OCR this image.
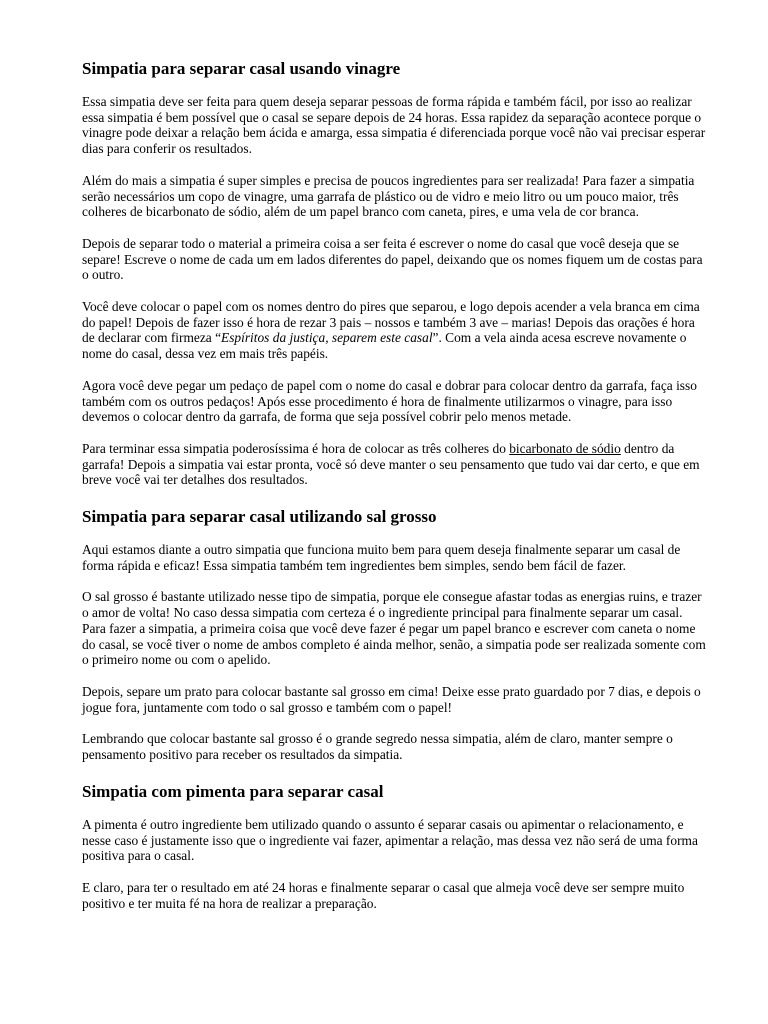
Simpatia para separar casal usando vinagre

Essa simpatia deve ser feita para quem deseja separar pessoas de forma rápida e também fácil, por isso ao realizar essa simpatia é bem possível que o casal se separe depois de 24 horas. Essa rapidez da separação acontece porque o vinagre pode deixar a relação bem ácida e amarga, essa simpatia é diferenciada porque você não vai precisar esperar dias para conferir os resultados.

Além do mais a simpatia é super simples e precisa de poucos ingredientes para ser realizada! Para fazer a simpatia serão necessários um copo de vinagre, uma garrafa de plástico ou de vidro e meio litro ou um pouco maior, três colheres de bicarbonato de sódio, além de um papel branco com caneta, pires, e uma vela de cor branca.

Depois de separar todo o material a primeira coisa a ser feita é escrever o nome do casal que você deseja que se separe! Escreve o nome de cada um em lados diferentes do papel, deixando que os nomes fiquem um de costas para o outro.

Você deve colocar o papel com os nomes dentro do pires que separou, e logo depois acender a vela branca em cima do papel! Depois de fazer isso é hora de rezar 3 pais – nossos e também 3 ave – marias! Depois das orações é hora de declarar com firmeza “Espíritos da justiça, separem este casal”. Com a vela ainda acesa escreve novamente o nome do casal, dessa vez em mais três papéis.

Agora você deve pegar um pedaço de papel com o nome do casal e dobrar para colocar dentro da garrafa, faça isso também com os outros pedaços! Após esse procedimento é hora de finalmente utilizarmos o vinagre, para isso devemos o colocar dentro da garrafa, de forma que seja possível cobrir pelo menos metade.

Para terminar essa simpatia poderosíssima é hora de colocar as três colheres do bicarbonato de sódio dentro da garrafa! Depois a simpatia vai estar pronta, você só deve manter o seu pensamento que tudo vai dar certo, e que em breve você vai ter detalhes dos resultados.

Simpatia para separar casal utilizando sal grosso

Aqui estamos diante a outro simpatia que funciona muito bem para quem deseja finalmente separar um casal de forma rápida e eficaz! Essa simpatia também tem ingredientes bem simples, sendo bem fácil de fazer.

O sal grosso é bastante utilizado nesse tipo de simpatia, porque ele consegue afastar todas as energias ruins, e trazer o amor de volta! No caso dessa simpatia com certeza é o ingrediente principal para finalmente separar um casal.

Para fazer a simpatia, a primeira coisa que você deve fazer é pegar um papel branco e escrever com caneta o nome do casal, se você tiver o nome de ambos completo é ainda melhor, senão, a simpatia pode ser realizada somente com o primeiro nome ou com o apelido.

Depois, separe um prato para colocar bastante sal grosso em cima! Deixe esse prato guardado por 7 dias, e depois o jogue fora, juntamente com todo o sal grosso e também com o papel!

Lembrando que colocar bastante sal grosso é o grande segredo nessa simpatia, além de claro, manter sempre o pensamento positivo para receber os resultados da simpatia.

Simpatia com pimenta para separar casal

A pimenta é outro ingrediente bem utilizado quando o assunto é separar casais ou apimentar o relacionamento, e nesse caso é justamente isso que o ingrediente vai fazer, apimentar a relação, mas dessa vez não será de uma forma positiva para o casal.

E claro, para ter o resultado em até 24 horas e finalmente separar o casal que almeja você deve ser sempre muito positivo e ter muita fé na hora de realizar a preparação.
